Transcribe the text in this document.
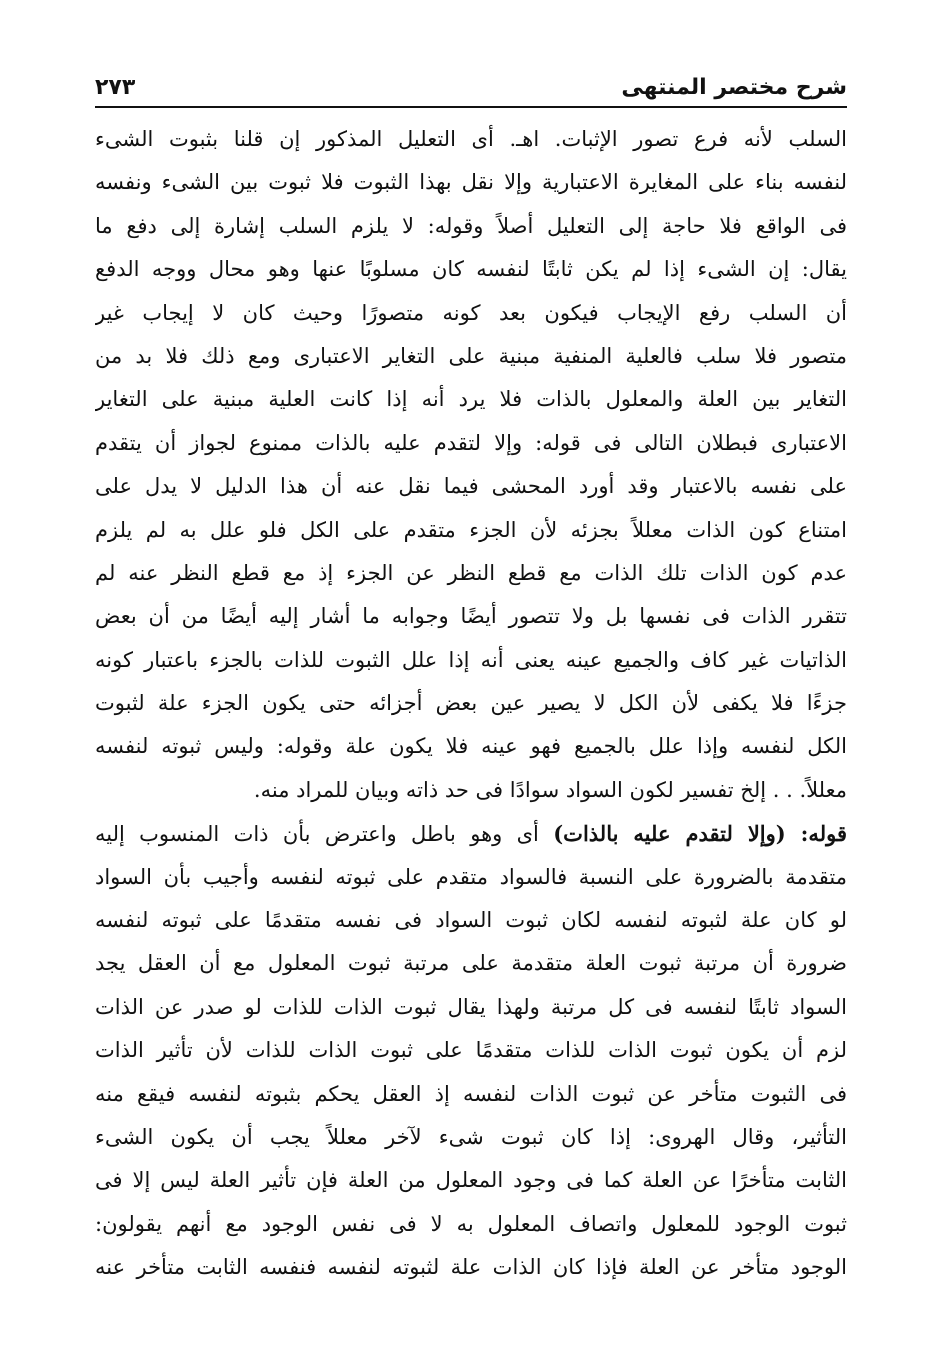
شرح مختصر المنتهى
٢٧٣
السلب لأنه فرع تصور الإثبات. اهـ. أى التعليل المذكور إن قلنا بثبوت الشىء
لنفسه بناء على المغايرة الاعتبارية وإلا نقل بهذا الثبوت فلا ثبوت بين الشىء ونفسه
فى الواقع فلا حاجة إلى التعليل أصلاً وقوله: لا يلزم السلب إشارة إلى دفع ما
يقال: إن الشىء إذا لم يكن ثابتًا لنفسه كان مسلوبًا عنها وهو محال ووجه الدفع
أن السلب رفع الإيجاب فيكون بعد كونه متصورًا وحيث كان لا إيجاب غير
متصور فلا سلب فالعلية المنفية مبنية على التغاير الاعتبارى ومع ذلك فلا بد من
التغاير بين العلة والمعلول بالذات فلا يرد أنه إذا كانت العلية مبنية على التغاير
الاعتبارى فبطلان التالى فى قوله: وإلا لتقدم عليه بالذات ممنوع لجواز أن يتقدم
على نفسه بالاعتبار وقد أورد المحشى فيما نقل عنه أن هذا الدليل لا يدل على
امتناع كون الذات معللاً بجزئه لأن الجزء متقدم على الكل فلو علل به لم يلزم
عدم كون الذات تلك الذات مع قطع النظر عن الجزء إذ مع قطع النظر عنه لم
تتقرر الذات فى نفسها بل ولا تتصور أيضًا وجوابه ما أشار إليه أيضًا من أن بعض
الذاتيات غير كاف والجميع عينه يعنى أنه إذا علل الثبوت للذات بالجزء باعتبار كونه
جزءًا فلا يكفى لأن الكل لا يصير عين بعض أجزائه حتى يكون الجزء علة لثبوت
الكل لنفسه وإذا علل بالجميع فهو عينه فلا يكون علة وقوله: وليس ثبوته لنفسه
معللاً. . . إلخ تفسير لكون السواد سوادًا فى حد ذاته وبيان للمراد منه.
قوله: (وإلا لتقدم عليه بالذات) أى وهو باطل واعترض بأن ذات المنسوب إليه
متقدمة بالضرورة على النسبة فالسواد متقدم على ثبوته لنفسه وأجيب بأن السواد
لو كان علة لثبوته لنفسه لكان ثبوت السواد فى نفسه متقدمًا على ثبوته لنفسه
ضرورة أن مرتبة ثبوت العلة متقدمة على مرتبة ثبوت المعلول مع أن العقل يجد
السواد ثابتًا لنفسه فى كل مرتبة ولهذا يقال ثبوت الذات للذات لو صدر عن الذات
لزم أن يكون ثبوت الذات للذات متقدمًا على ثبوت الذات للذات لأن تأثير الذات
فى الثبوت متأخر عن ثبوت الذات لنفسه إذ العقل يحكم بثبوته لنفسه فيقع منه
التأثير، وقال الهروى: إذا كان ثبوت شىء لآخر معللاً يجب أن يكون الشىء
الثابت متأخرًا عن العلة كما فى وجود المعلول من العلة فإن تأثير العلة ليس إلا فى
ثبوت الوجود للمعلول واتصاف المعلول به لا فى نفس الوجود مع أنهم يقولون:
الوجود متأخر عن العلة فإذا كان الذات علة لثبوته لنفسه فنفسه الثابت متأخر عنه
